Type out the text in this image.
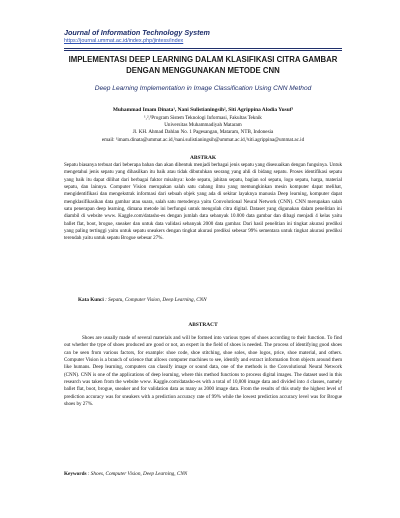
Journal of Information Technology System
https://journal.ummat.ac.id/index.php/jintess/index
IMPLEMENTASI DEEP LEARNING DALAM KLASIFIKASI CITRA GAMBAR
DENGAN MENGGUNAKAN METODE CNN
Deep Learning Implementation in Image Classification Using CNN Method
Muhammad Imam Dinata¹, Nani Sulistianingsih², Siti Agrippina Alodia Yusuf³
¹,²,³Program Sistem Teknologi Informasi, Fakultas Teknik
Universitas Muhammadiyah Mataram
Jl. KH. Ahmad Dahlan No. 1 Pagesangan, Mataram, NTB, Indonesia
email: ¹imam.dinata@ummat.ac.id,²nani.sulistianingsih@ummat.ac.id,³siti.agrippina@ummat.ac.id
ABSTRAK
Sepatu biasanya terbuat dari beberapa bahan dan akan dibentuk menjadi berbagai jenis sepatu yang disesuaikan dengan fungsinya. Untuk mengetahui jenis sepatu yang dihasilkan itu baik atau tidak dibutuhkan seorang yang ahli di bidang sepatu. Proses identifikasi sepatu yang baik itu dapat dilihat dari berbagai faktor misalnya: kode sepatu, jahitan sepatu, bagian sol sepatu, logo sepatu, harga, material sepatu, dan lainnya. Computer Vision merupakan salah satu cabang ilmu yang memungkinkan mesin komputer dapat melihat, mengidentifikasi dan mengekstrak informasi dari sebuah objek yang ada di sekitar layaknya manusia Deep learning, komputer dapat mengklasifikasikan data gambar atau suara, salah satu metodenya yaitu Convolutional Neural Network (CNN). CNN merupakan salah satu penerapan deep learning, dimana metode ini berfungsi untuk mengolah citra digital. Dataset yang digunakan dalam penelitian ini diambil di website www. Kaggle.com/datasho-es dengan jumlah data sebanyak 10.000 data gambar dan dibagi menjadi 4 kelas yaitu ballet flat, boot, brogue, sneaker dan untuk data validasi sebanyak 2000 data gambar. Dari hasil penelitian ini tingkat akurasi prediksi yang paling tertinggi yaitu untuk sepatu sneakers dengan tingkat akurasi prediksi sebesar 99% sementara untuk tingkat akurasi prediksi terendah yaitu untuk sepatu Brogue sebesar 27%.
Kata Kunci : Sepatu, Computer Vision, Deep Learning, CNN
ABSTRACT

Shoes are usually made of several materials and will be formed into various types of shoes according to their function. To find out whether the type of shoes produced are good or not, an expert in the field of shoes is needed. The process of identifying good shoes can be seen from various factors, for example: shoe code, shoe stitching, shoe soles, shoe logos, price, shoe material, and others. Computer Vision is a branch of science that allows computer machines to see, identify and extract information from objects around them like humans. Deep learning, computers can classify image or sound data, one of the methods is the Convolutional Neural Network (CNN). CNN is one of the applications of deep learning, where this method functions to process digital images. The dataset used in this research was taken from the website www. Kaggle.com/datasho-es with a total of 10,000 image data and divided into 4 classes, namely ballet flat, boot, brogue, sneaker and for validation data as many as 2000 image data. From the results of this study the highest level of prediction accuracy was for sneakers with a prediction accuracy rate of 99% while the lowest prediction accuracy level was for Brogue shoes by 27%.

Keywords : Shoes, Computer Vision, Deep Learning, CNN
